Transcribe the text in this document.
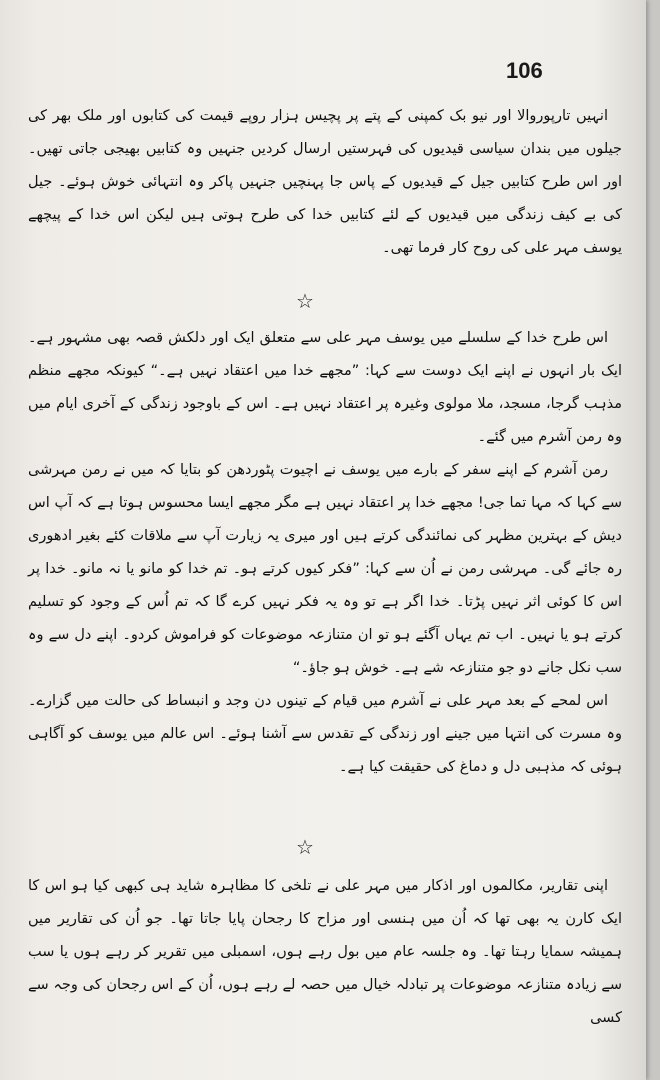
106

انہیں تارپوروالا اور نیو بک کمپنی کے پتے پر پچیس ہزار روپے قیمت کی کتابوں اور ملک بھر کی جیلوں میں بندان سیاسی قیدیوں کی فہرستیں ارسال کردیں جنہیں وہ کتابیں بھیجی جاتی تھیں۔ اور اس طرح کتابیں جیل کے قیدیوں کے پاس جا پہنچیں جنہیں پاکر وہ انتہائی خوش ہوئے۔ جیل کی بے کیف زندگی میں قیدیوں کے لئے کتابیں خدا کی طرح ہوتی ہیں لیکن اس خدا کے پیچھے یوسف مہر علی کی روح کار فرما تھی۔

☆

اس طرح خدا کے سلسلے میں یوسف مہر علی سے متعلق ایک اور دلکش قصہ بھی مشہور ہے۔ ایک بار انہوں نے اپنے ایک دوست سے کہا: ”مجھے خدا میں اعتقاد نہیں ہے۔“ کیونکہ مجھے منظم مذہب گرجا، مسجد، ملا مولوی وغیرہ پر اعتقاد نہیں ہے۔ اس کے باوجود زندگی کے آخری ایام میں وہ رمن آشرم میں گئے۔

رمن آشرم کے اپنے سفر کے بارے میں یوسف نے اچیوت پٹوردھن کو بتایا کہ میں نے رمن مہرشی سے کہا کہ مہا تما جی! مجھے خدا پر اعتقاد نہیں ہے مگر مجھے ایسا محسوس ہوتا ہے کہ آپ اس دیش کے بہترین مظہر کی نمائندگی کرتے ہیں اور میری یہ زیارت آپ سے ملاقات کئے بغیر ادھوری رہ جائے گی۔ مہرشی رمن نے اُن سے کہا: ”فکر کیوں کرتے ہو۔ تم خدا کو مانو یا نہ مانو۔ خدا پر اس کا کوئی اثر نہیں پڑتا۔ خدا اگر ہے تو وہ یہ فکر نہیں کرے گا کہ تم اُس کے وجود کو تسلیم کرتے ہو یا نہیں۔ اب تم یہاں آگئے ہو تو ان متنازعہ موضوعات کو فراموش کردو۔ اپنے دل سے وہ سب نکل جانے دو جو متنازعہ شے ہے۔ خوش ہو جاؤ۔“

اس لمحے کے بعد مہر علی نے آشرم میں قیام کے تینوں دن وجد و انبساط کی حالت میں گزارے۔ وہ مسرت کی انتہا میں جینے اور زندگی کے تقدس سے آشنا ہوئے۔ اس عالم میں یوسف کو آگاہی ہوئی کہ مذہبی دل و دماغ کی حقیقت کیا ہے۔

☆

اپنی تقاریر، مکالموں اور اذکار میں مہر علی نے تلخی کا مظاہرہ شاید ہی کبھی کیا ہو اس کا ایک کارن یہ بھی تھا کہ اُن میں ہنسی اور مزاح کا رجحان پایا جاتا تھا۔ جو اُن کی تقاریر میں ہمیشہ سمایا رہتا تھا۔ وہ جلسہ عام میں بول رہے ہوں، اسمبلی میں تقریر کر رہے ہوں یا سب سے زیادہ متنازعہ موضوعات پر تبادلہ خیال میں حصہ لے رہے ہوں، اُن کے اس رجحان کی وجہ سے کسی
